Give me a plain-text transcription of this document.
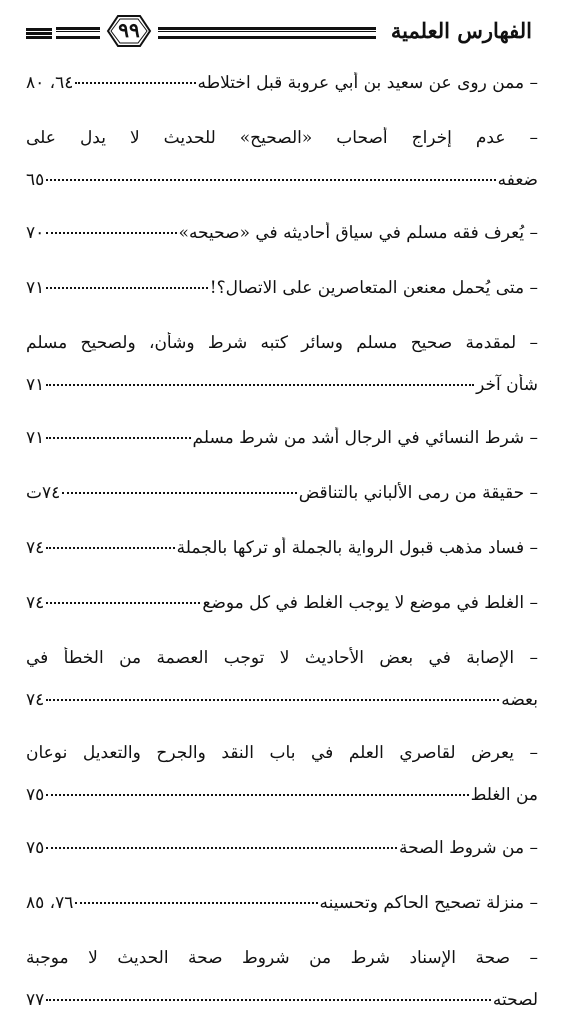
الفهارس العلمية
٩٩
– ممن روى عن سعيد بن أبي عروبة قبل اختلاطه
٦٤، ٨٠
– عدم إخراج أصحاب «الصحيح» للحديث لا يدل على
ضعفه
٦٥
– يُعرف فقه مسلم في سياق أحاديثه في «صحيحه»
٧٠
– متى يُحمل معنعن المتعاصرين على الاتصال؟!
٧١
– لمقدمة صحيح مسلم وسائر كتبه شرط وشأن، ولصحيح مسلم
شأن آخر
٧١
– شرط النسائي في الرجال أشد من شرط مسلم
٧١
– حقيقة من رمى الألباني بالتناقض
٧٤ت
– فساد مذهب قبول الرواية بالجملة أو تركها بالجملة
٧٤
– الغلط في موضع لا يوجب الغلط في كل موضع
٧٤
– الإصابة في بعض الأحاديث لا توجب العصمة من الخطأ في
بعضه
٧٤
– يعرض لقاصري العلم في باب النقد والجرح والتعديل نوعان
من الغلط
٧٥
– من شروط الصحة
٧٥
– منزلة تصحيح الحاكم وتحسينه
٧٦، ٨٥
– صحة الإسناد شرط من شروط صحة الحديث لا موجبة
لصحته
٧٧
